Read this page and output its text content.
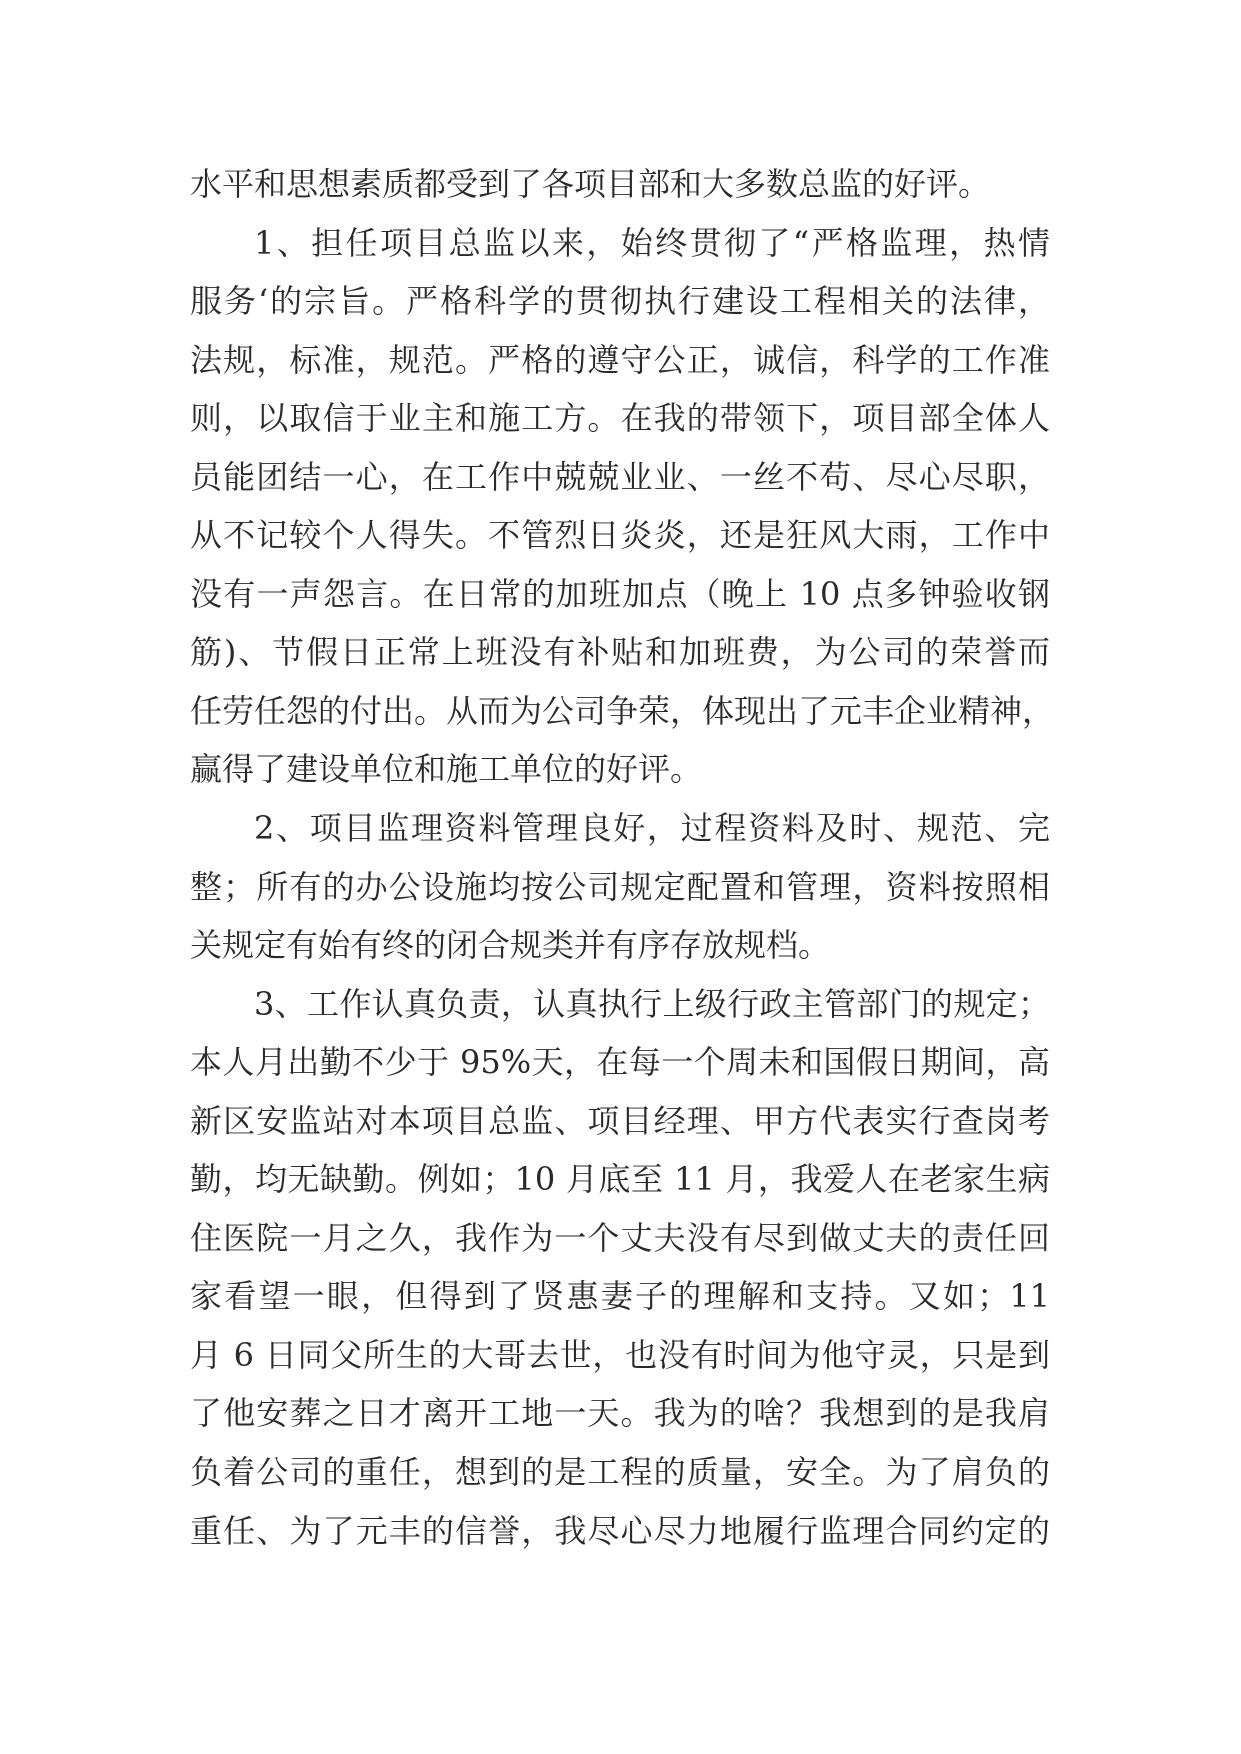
水平和思想素质都受到了各项目部和大多数总监的好评。
1、担任项目总监以来，始终贯彻了“严格监理，热情
服务‘的宗旨。严格科学的贯彻执行建设工程相关的法律，
法规，标准，规范。严格的遵守公正，诚信，科学的工作准
则，以取信于业主和施工方。在我的带领下，项目部全体人
员能团结一心，在工作中兢兢业业、一丝不苟、尽心尽职，
从不记较个人得失。不管烈日炎炎，还是狂风大雨，工作中
没有一声怨言。在日常的加班加点（晚上 10 点多钟验收钢
筋)、节假日正常上班没有补贴和加班费，为公司的荣誉而
任劳任怨的付出。从而为公司争荣，体现出了元丰企业精神，
赢得了建设单位和施工单位的好评。
2、项目监理资料管理良好，过程资料及时、规范、完
整；所有的办公设施均按公司规定配置和管理，资料按照相
关规定有始有终的闭合规类并有序存放规档。
3、工作认真负责，认真执行上级行政主管部门的规定；
本人月出勤不少于 95%天，在每一个周未和国假日期间，高
新区安监站对本项目总监、项目经理、甲方代表实行查岗考
勤，均无缺勤。例如；10 月底至 11 月，我爱人在老家生病
住医院一月之久，我作为一个丈夫没有尽到做丈夫的责任回
家看望一眼，但得到了贤惠妻子的理解和支持。又如；11
月 6 日同父所生的大哥去世，也没有时间为他守灵，只是到
了他安葬之日才离开工地一天。我为的啥？我想到的是我肩
负着公司的重任，想到的是工程的质量，安全。为了肩负的
重任、为了元丰的信誉，我尽心尽力地履行监理合同约定的
